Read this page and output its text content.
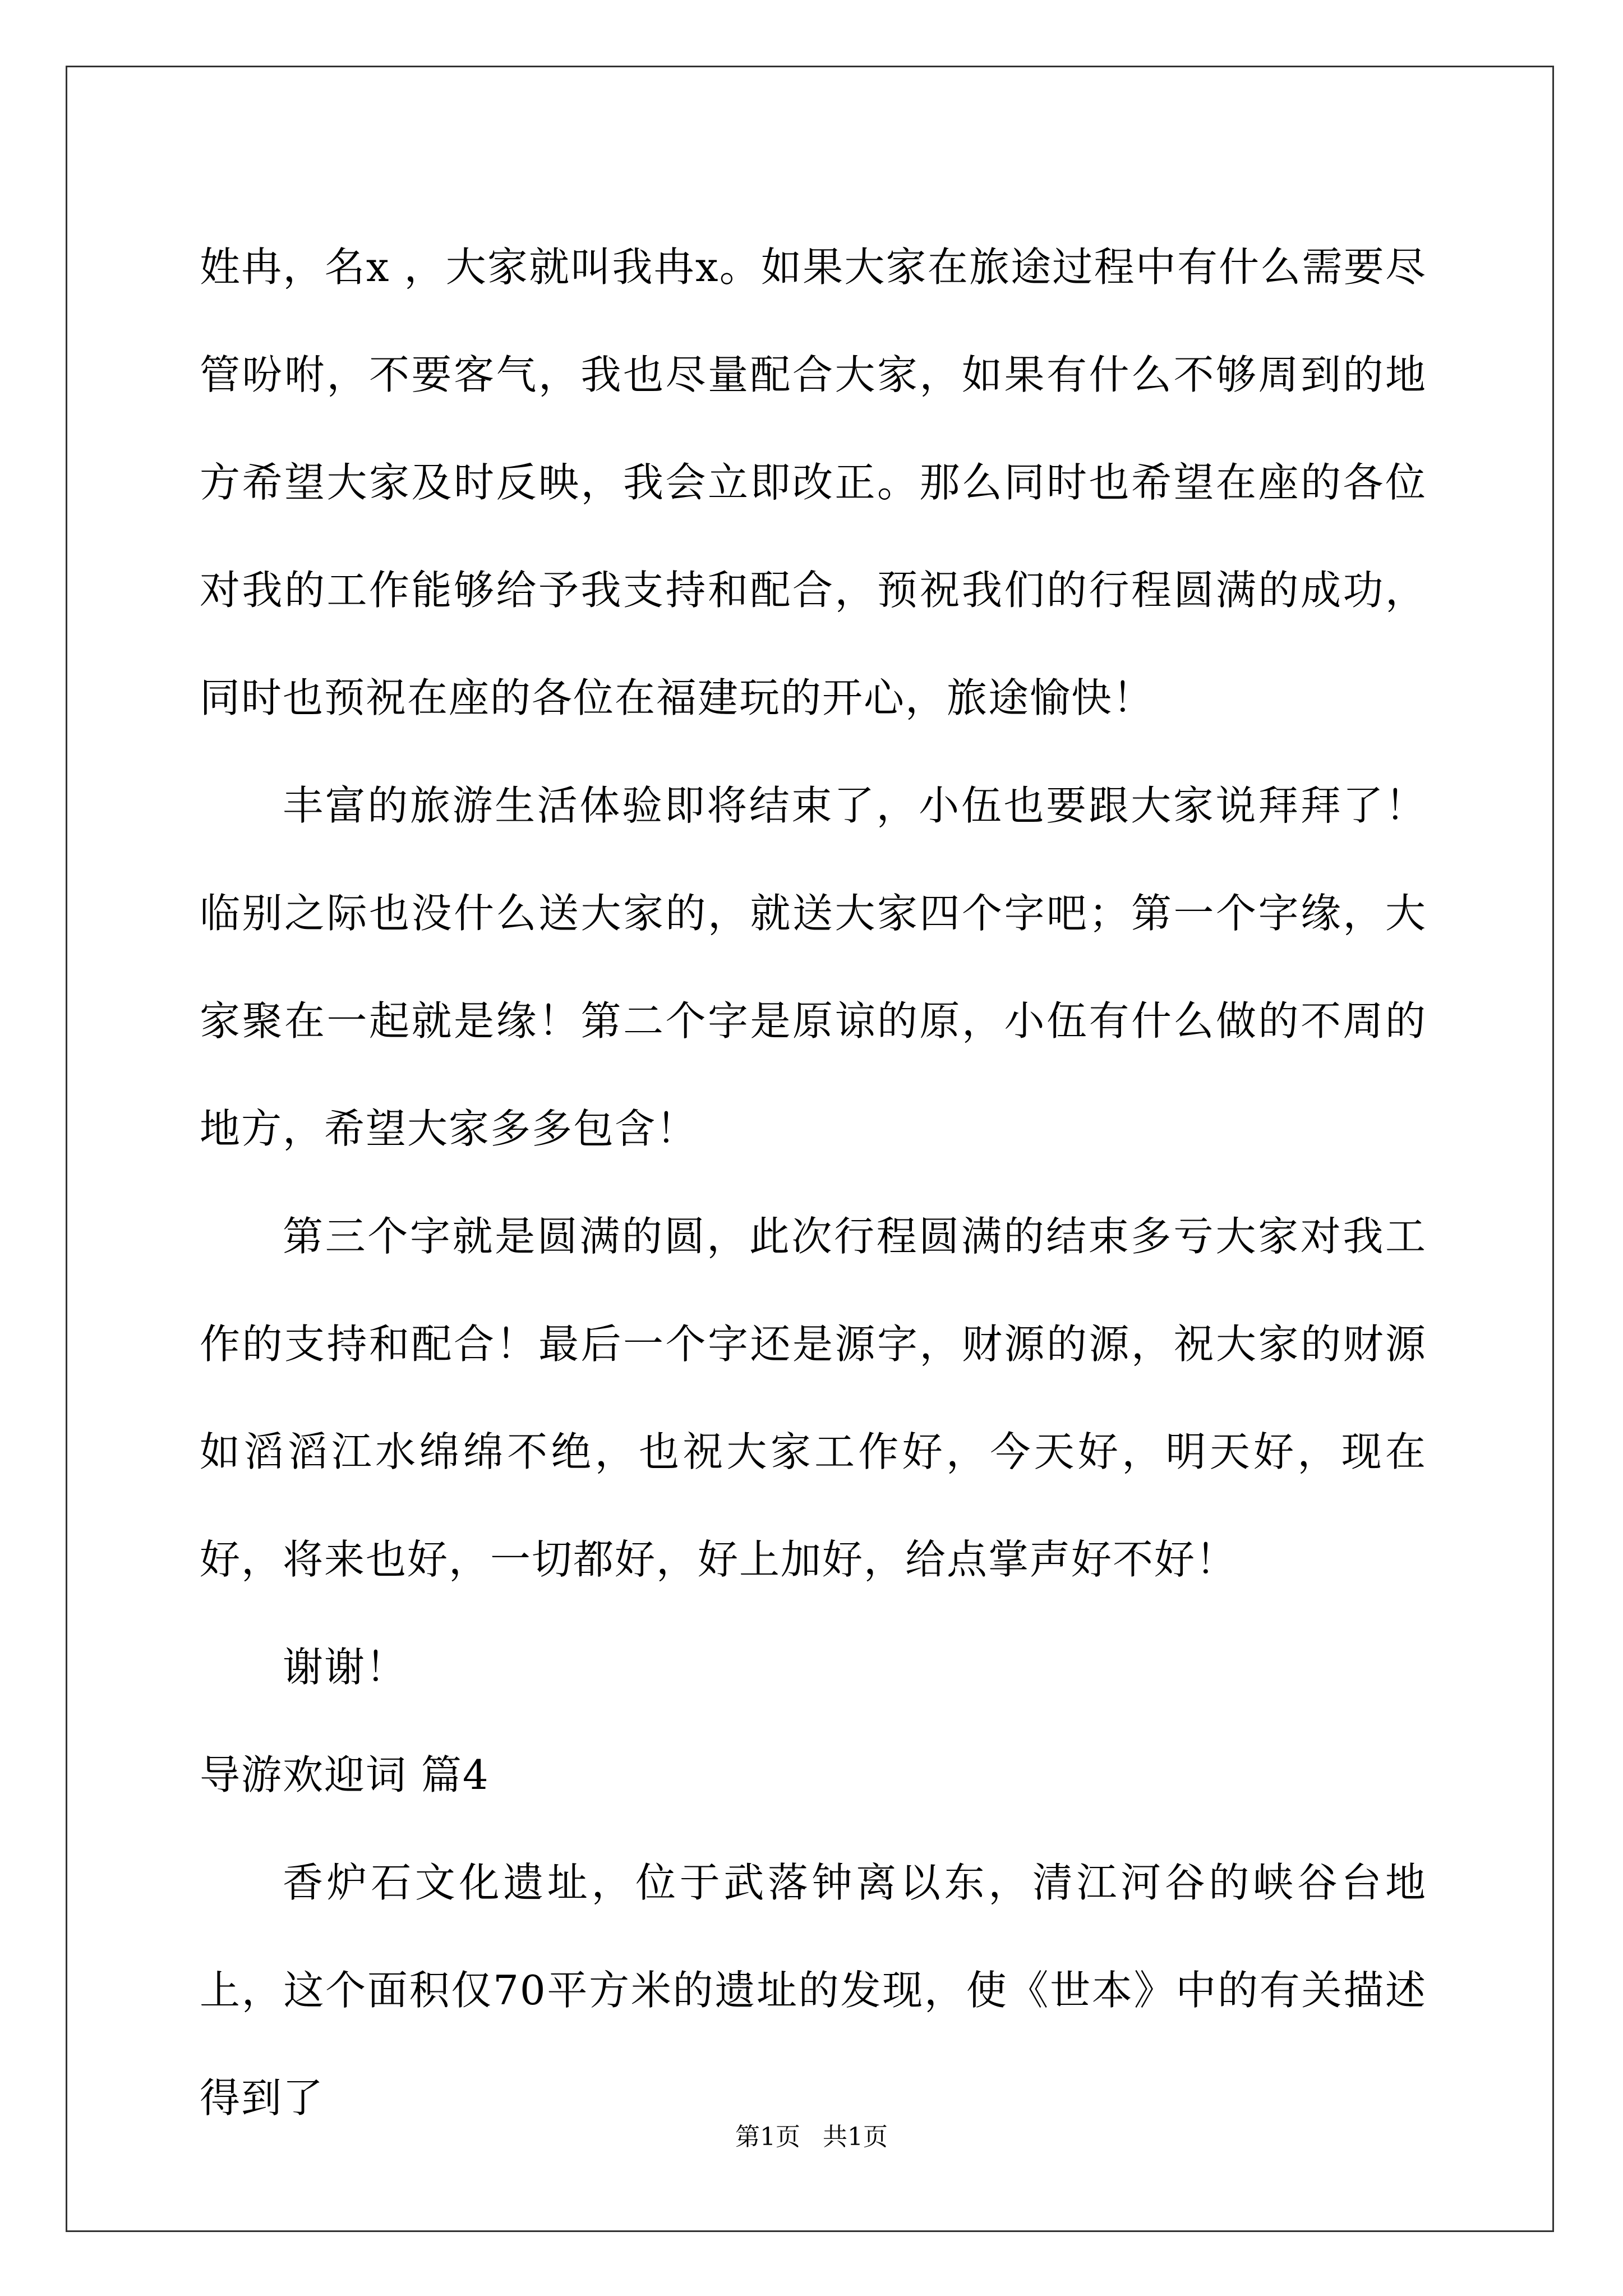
姓冉，名x ，大家就叫我冉x。如果大家在旅途过程中有什么需要尽管吩咐，不要客气，我也尽量配合大家，如果有什么不够周到的地方希望大家及时反映，我会立即改正。那么同时也希望在座的各位对我的工作能够给予我支持和配合，预祝我们的行程圆满的成功，同时也预祝在座的各位在福建玩的开心，旅途愉快！

丰富的旅游生活体验即将结束了，小伍也要跟大家说拜拜了！临别之际也没什么送大家的，就送大家四个字吧；第一个字缘，大家聚在一起就是缘！第二个字是原谅的原，小伍有什么做的不周的地方，希望大家多多包含！

第三个字就是圆满的圆，此次行程圆满的结束多亏大家对我工作的支持和配合！最后一个字还是源字，财源的源，祝大家的财源如滔滔江水绵绵不绝，也祝大家工作好，今天好，明天好，现在好，将来也好，一切都好，好上加好，给点掌声好不好！

谢谢！

导游欢迎词 篇4

香炉石文化遗址，位于武落钟离以东，清江河谷的峡谷台地上，这个面积仅70平方米的遗址的发现，使《世本》中的有关描述得到了

第1页 共1页
